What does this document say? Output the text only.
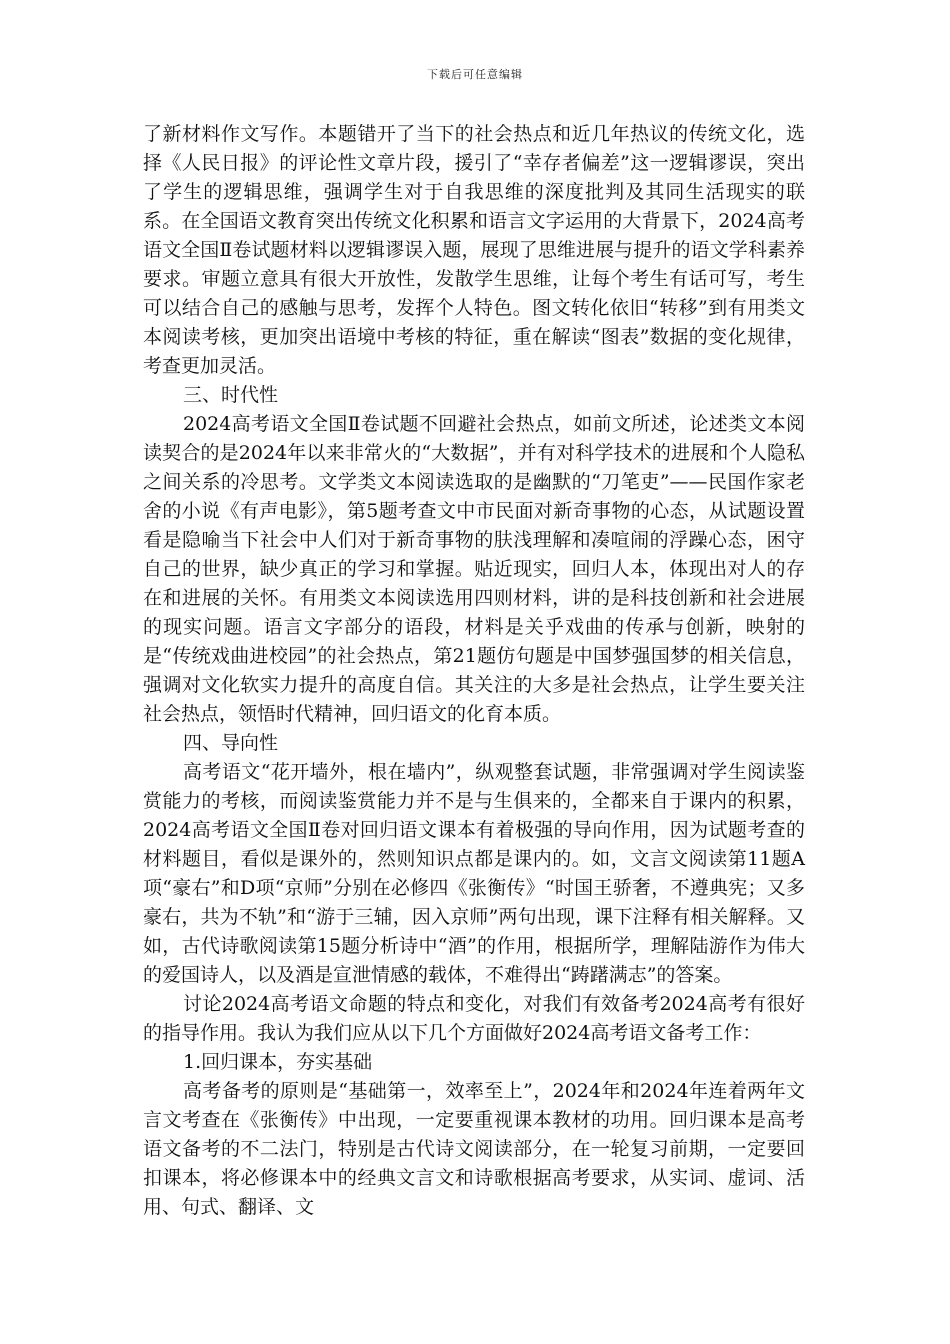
下载后可任意编辑

了新材料作文写作。本题错开了当下的社会热点和近几年热议的传统文化，选择《人民日报》的评论性文章片段，援引了“幸存者偏差”这一逻辑谬误，突出了学生的逻辑思维，强调学生对于自我思维的深度批判及其同生活现实的联系。在全国语文教育突出传统文化积累和语言文字运用的大背景下，2024高考语文全国Ⅱ卷试题材料以逻辑谬误入题，展现了思维进展与提升的语文学科素养要求。审题立意具有很大开放性，发散学生思维，让每个考生有话可写，考生可以结合自己的感触与思考，发挥个人特色。图文转化依旧“转移”到有用类文本阅读考核，更加突出语境中考核的特征，重在解读“图表”数据的变化规律，考查更加灵活。

三、时代性

2024高考语文全国Ⅱ卷试题不回避社会热点，如前文所述，论述类文本阅读契合的是2024年以来非常火的“大数据”，并有对科学技术的进展和个人隐私之间关系的冷思考。文学类文本阅读选取的是幽默的“刀笔吏”——民国作家老舍的小说《有声电影》，第5题考查文中市民面对新奇事物的心态，从试题设置看是隐喻当下社会中人们对于新奇事物的肤浅理解和凑喧闹的浮躁心态，困守自己的世界，缺少真正的学习和掌握。贴近现实，回归人本，体现出对人的存在和进展的关怀。有用类文本阅读选用四则材料，讲的是科技创新和社会进展的现实问题。语言文字部分的语段，材料是关乎戏曲的传承与创新，映射的是“传统戏曲进校园”的社会热点，第21题仿句题是中国梦强国梦的相关信息，强调对文化软实力提升的高度自信。其关注的大多是社会热点，让学生要关注社会热点，领悟时代精神，回归语文的化育本质。

四、导向性

高考语文“花开墙外，根在墙内”，纵观整套试题，非常强调对学生阅读鉴赏能力的考核，而阅读鉴赏能力并不是与生俱来的，全都来自于课内的积累，2024高考语文全国Ⅱ卷对回归语文课本有着极强的导向作用，因为试题考查的材料题目，看似是课外的，然则知识点都是课内的。如，文言文阅读第11题A项“豪右”和D项“京师”分别在必修四《张衡传》“时国王骄奢，不遵典宪；又多豪右，共为不轨”和“游于三辅，因入京师”两句出现，课下注释有相关解释。又如，古代诗歌阅读第15题分析诗中“酒”的作用，根据所学，理解陆游作为伟大的爱国诗人，以及酒是宣泄情感的载体，不难得出“踌躇满志”的答案。

讨论2024高考语文命题的特点和变化，对我们有效备考2024高考有很好的指导作用。我认为我们应从以下几个方面做好2024高考语文备考工作：

1.回归课本，夯实基础

高考备考的原则是“基础第一，效率至上”，2024年和2024年连着两年文言文考查在《张衡传》中出现，一定要重视课本教材的功用。回归课本是高考语文备考的不二法门，特别是古代诗文阅读部分，在一轮复习前期，一定要回扣课本，将必修课本中的经典文言文和诗歌根据高考要求，从实词、虚词、活用、句式、翻译、文
